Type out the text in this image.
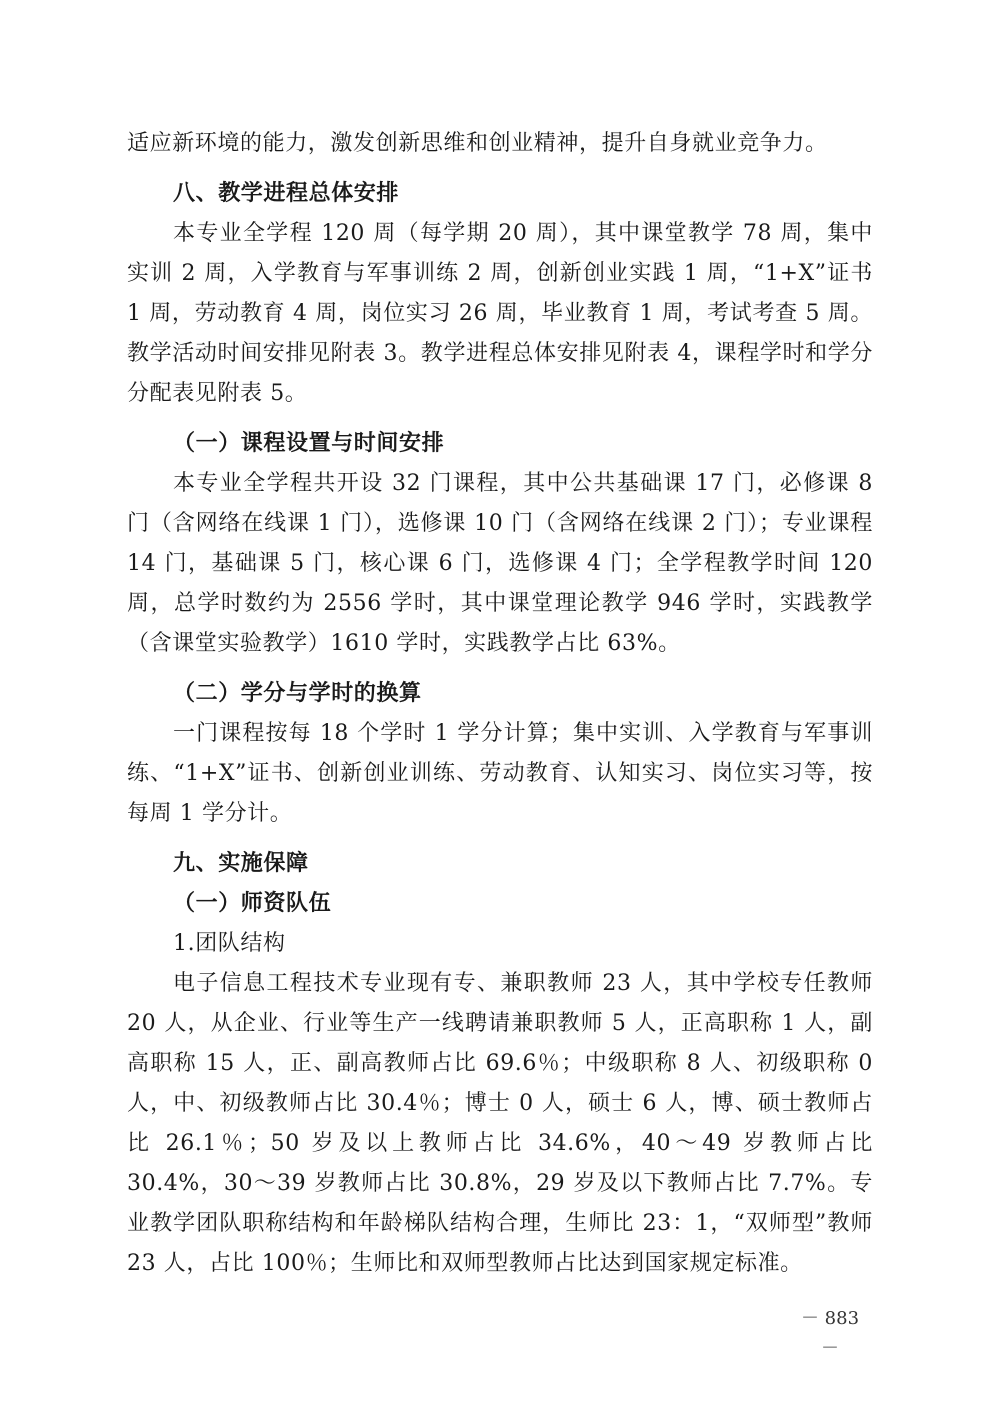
适应新环境的能力，激发创新思维和创业精神，提升自身就业竞争力。

八、教学进程总体安排

本专业全学程 120 周（每学期 20 周），其中课堂教学 78 周，集中实训 2 周，入学教育与军事训练 2 周，创新创业实践 1 周，“1+X”证书 1 周，劳动教育 4 周，岗位实习 26 周，毕业教育 1 周，考试考查 5 周。教学活动时间安排见附表 3。教学进程总体安排见附表 4，课程学时和学分分配表见附表 5。

（一）课程设置与时间安排

本专业全学程共开设 32 门课程，其中公共基础课 17 门，必修课 8 门（含网络在线课 1 门），选修课 10 门（含网络在线课 2 门）；专业课程 14 门，基础课 5 门，核心课 6 门，选修课 4 门；全学程教学时间 120 周，总学时数约为 2556 学时，其中课堂理论教学 946 学时，实践教学（含课堂实验教学）1610 学时，实践教学占比 63%。

（二）学分与学时的换算

一门课程按每 18 个学时 1 学分计算；集中实训、入学教育与军事训练、“1+X”证书、创新创业训练、劳动教育、认知实习、岗位实习等，按每周 1 学分计。

九、实施保障
（一）师资队伍

1.团队结构

电子信息工程技术专业现有专、兼职教师 23 人，其中学校专任教师 20 人，从企业、行业等生产一线聘请兼职教师 5 人，正高职称 1 人，副高职称 15 人，正、副高教师占比 69.6％；中级职称 8 人、初级职称 0 人，中、初级教师占比 30.4％；博士 0 人，硕士 6 人，博、硕士教师占比 26.1％；50 岁及以上教师占比 34.6%，40～49 岁教师占比 30.4%，30～39 岁教师占比 30.8%，29 岁及以下教师占比 7.7%。专业教学团队职称结构和年龄梯队结构合理，生师比 23：1，“双师型”教师 23 人，占比 100％；生师比和双师型教师占比达到国家规定标准。

－ 883 －
